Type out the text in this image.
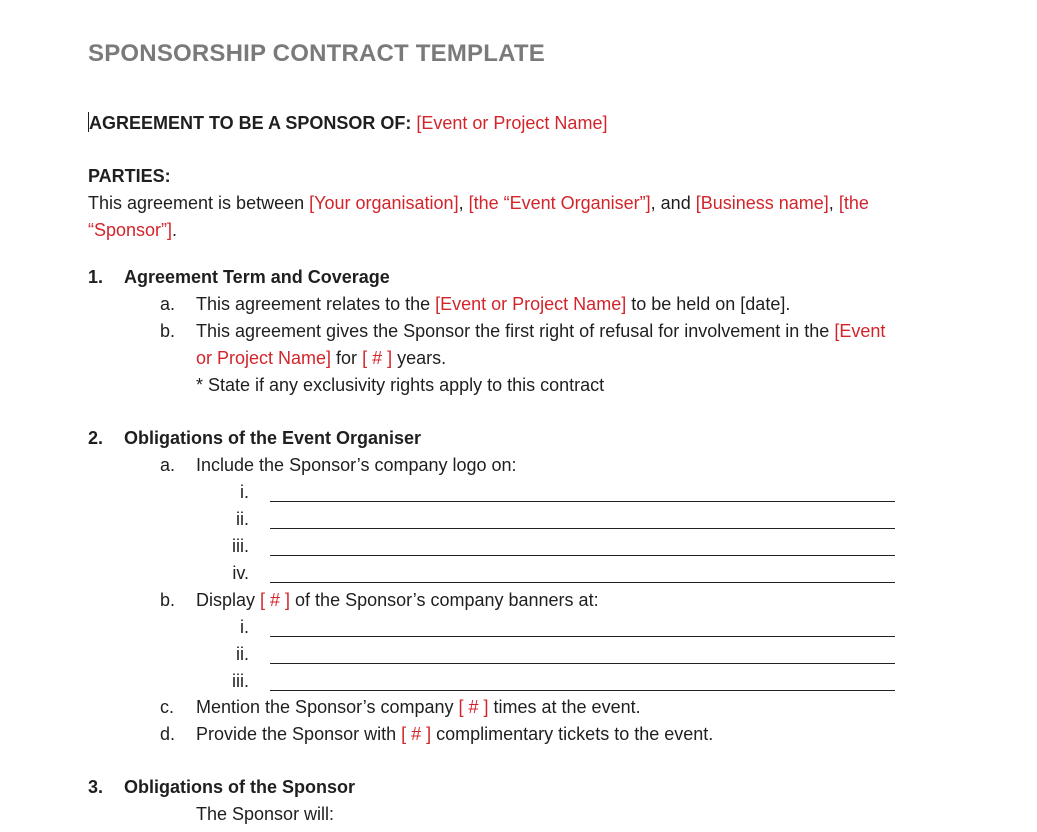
SPONSORSHIP CONTRACT TEMPLATE
AGREEMENT TO BE A SPONSOR OF: [Event or Project Name]
PARTIES:
This agreement is between [Your organisation], [the “Event Organiser”], and [Business name], [the
“Sponsor”].
1. Agreement Term and Coverage
a. This agreement relates to the [Event or Project Name] to be held on [date].
b. This agreement gives the Sponsor the first right of refusal for involvement in the [Event
or Project Name] for [ # ] years.
* State if any exclusivity rights apply to this contract
2. Obligations of the Event Organiser
a. Include the Sponsor’s company logo on:
i.
ii.
iii.
iv.
b. Display [ # ] of the Sponsor’s company banners at:
i.
ii.
iii.
c. Mention the Sponsor’s company [ # ] times at the event.
d. Provide the Sponsor with [ # ] complimentary tickets to the event.
3. Obligations of the Sponsor
The Sponsor will:
